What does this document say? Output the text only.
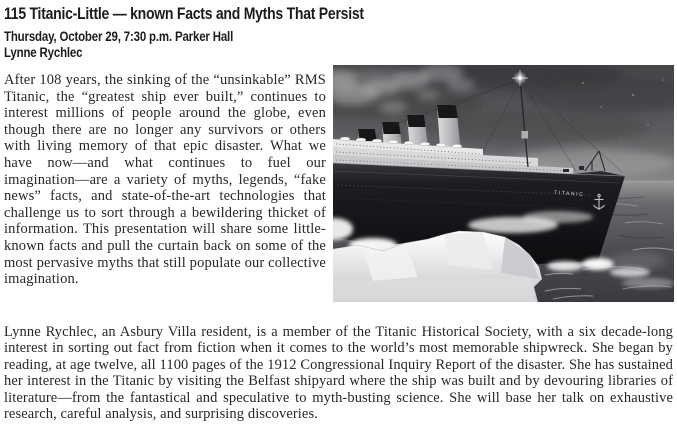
115 Titanic-Little — known Facts and Myths That Persist
Thursday, October 29, 7:30 p.m. Parker Hall
Lynne Rychlec

After 108 years, the sinking of the “unsinkable” RMS Titanic, the “greatest ship ever built,” continues to interest millions of people around the globe, even though there are no longer any survivors or others with living memory of that epic disaster. What we have now—and what continues to fuel our imagination—are a variety of myths, legends, “fake news” facts, and state-of-the-art technologies that challenge us to sort through a bewildering thicket of information. This presentation will share some little-known facts and pull the curtain back on some of the most pervasive myths that still populate our collective imagination.

TITANIC

Lynne Rychlec, an Asbury Villa resident, is a member of the Titanic Historical Society, with a six decade-long interest in sorting out fact from fiction when it comes to the world’s most memorable shipwreck. She began by reading, at age twelve, all 1100 pages of the 1912 Congressional Inquiry Report of the disaster. She has sustained her interest in the Titanic by visiting the Belfast shipyard where the ship was built and by devouring libraries of literature—from the fantastical and speculative to myth-busting science. She will base her talk on exhaustive research, careful analysis, and surprising discoveries.
